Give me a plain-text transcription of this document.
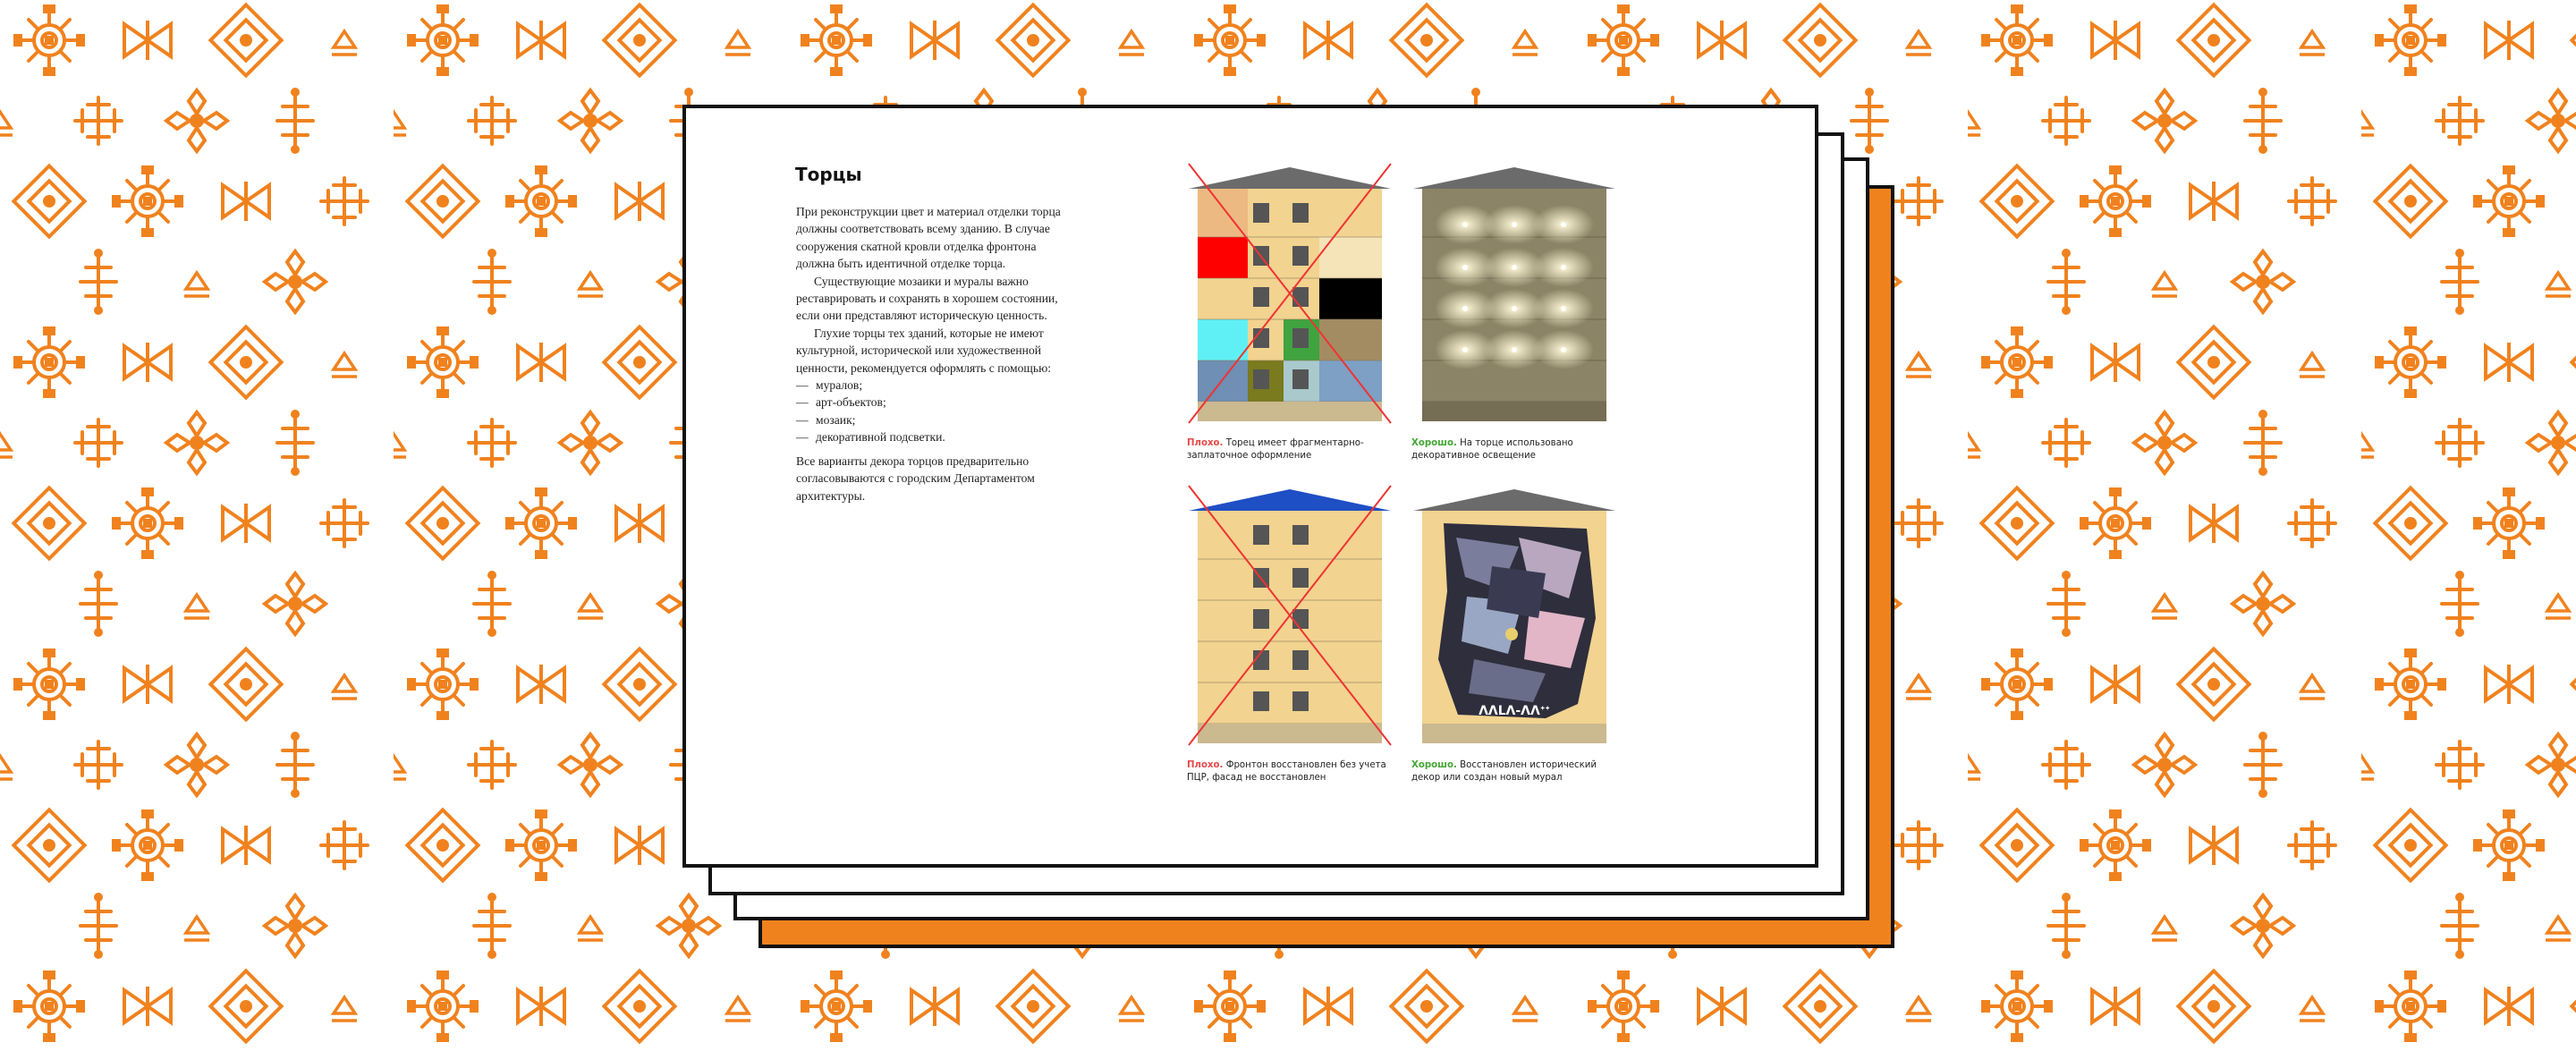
Торцы

При реконструкции цвет и материал отделки торца должны соответствовать всему зданию. В случае сооружения скатной кровли отделка фронтона должна быть идентичной отделке торца.

Существующие мозаики и муралы важно реставрировать и сохранять в хорошем состоянии, если они представляют историческую ценность.

Глухие торцы тех зданий, которые не имеют культурной, исторической или художественной ценности, рекомендуется оформлять с помощью:

— муралов;
— арт-объектов;
— мозаик;
— декоративной подсветки.

Все варианты декора торцов предварительно согласовываются с городским Департаментом архитектуры.

Плохо. Торец имеет фрагментарно-заплаточное оформление
Хорошо. На торце использовано декоративное освещение
Плохо. Фронтон восстановлен без учета ПЦР, фасад не восстановлен
ᐱᐱᒪᐱ-ᐱᐱᐩᐩ
Хорошо. Восстановлен исторический декор или создан новый мурал
